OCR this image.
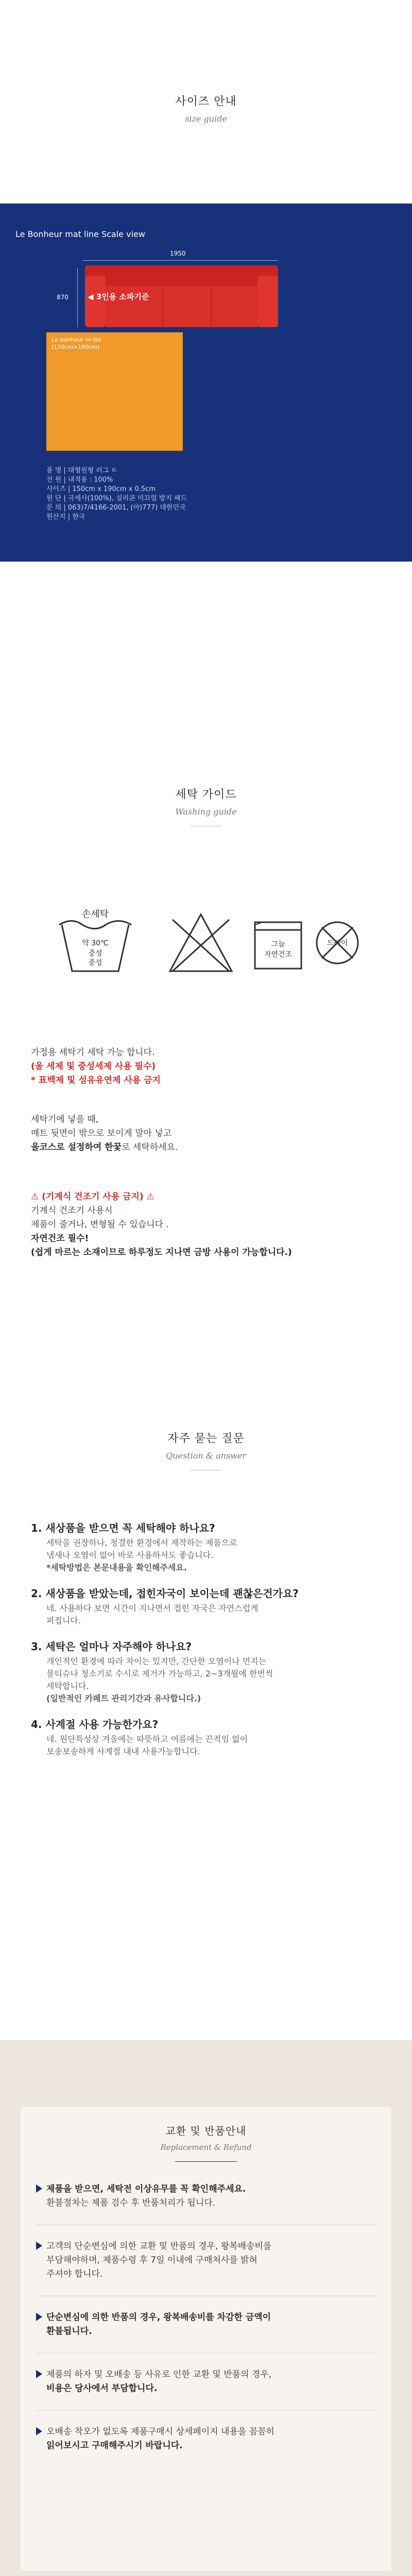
사이즈 안내
size guide
Le Bonheur mat line Scale view
1950
870 ◀ 3인용 소파기준
Le bonheur m-tbt
(130cm×190cm)
품 명 | 대형원형 러그 ㅌ
전 원 | 내적용 : 100%
사이즈 | 150cm x 190cm x 0.5cm
원 단 | 극세사(100%), 실리콘 미끄럼 방지 패드
문 의 | 063)7/4166-2001, (아)777) 대한민국
원산지 | 한국
세탁 가이드
Washing guide
손세탁
약 30℃
중성
중성
그늘
자연건조
드라이
가정용 세탁기 세탁 가능 합니다.
(울 세제 및 중성세제 사용 필수)
* 표백제 및 섬유유연제 사용 금지
세탁기에 넣을 때,
매트 뒷면이 밖으로 보이게 말아 넣고
울코스로 설정하여 한꿏로 세탁하세요.
⚠ (기계식 건조기 사용 금지) ⚠
기계식 건조기 사용시
제품이 줄거나, 변형될 수 있습니다 .
자연건조 필수!
(쉽게 마르는 소재이므로 하루정도 지나면 금방 사용이 가능합니다.)
자주 묻는 질문
Question & answer
1. 새상품을 받으면 꼭 세탁해야 하나요?
세탁을 권장하나, 청결한 환경에서 제작하는 제품으로
냄새나 오염이 없어 바로 사용하셔도 좋습니다.
*세탁방법은 본문내용을 확인해주세요.
2. 새상품을 받았는데, 접힌자국이 보이는데 괜찮은건가요?
네. 사용하다 보면 시간이 지나면서 접힌 자국은 자연스럽게
펴집니다.
3. 세탁은 얼마나 자주해야 하나요?
개인적인 환경에 따라 차이는 있지만, 간단한 오염이나 먼지는
물티슈나 청소기로 수시로 제거가 가능하고, 2~3개월에 한번씩
세탁합니다.
(일반적인 카페트 관리기간과 유사합니다.)
4. 사계절 사용 가능한가요?
네. 원단특성상 겨울에는 따뜻하고 여름에는 끈적임 없이
보송보송하게 사계절 내내 사용가능합니다.
교환 및 반품안내
Replacement & Refund
제품을 받으면, 세탁전 이상유무를 꼭 확인해주세요.
환불절차는 제품 검수 후 반품처리가 됩니다.
고객의 단순변심에 의한 교환 및 반품의 경우, 왕복배송비를
부담해야하며, 제품수령 후 7일 이내에 구매처사를 밝혀
주셔야 합니다.
단순변심에 의한 반품의 경우, 왕복배송비를 차감한 금액이
환불됩니다.
제품의 하자 및 오배송 등 사유로 인한 교환 및 반품의 경우,
비용은 당사에서 부담합니다.
오배송 착오가 없도록 제품구매시 상세페이지 내용을 꼼꼼히
읽어보시고 구매해주시기 바랍니다.
